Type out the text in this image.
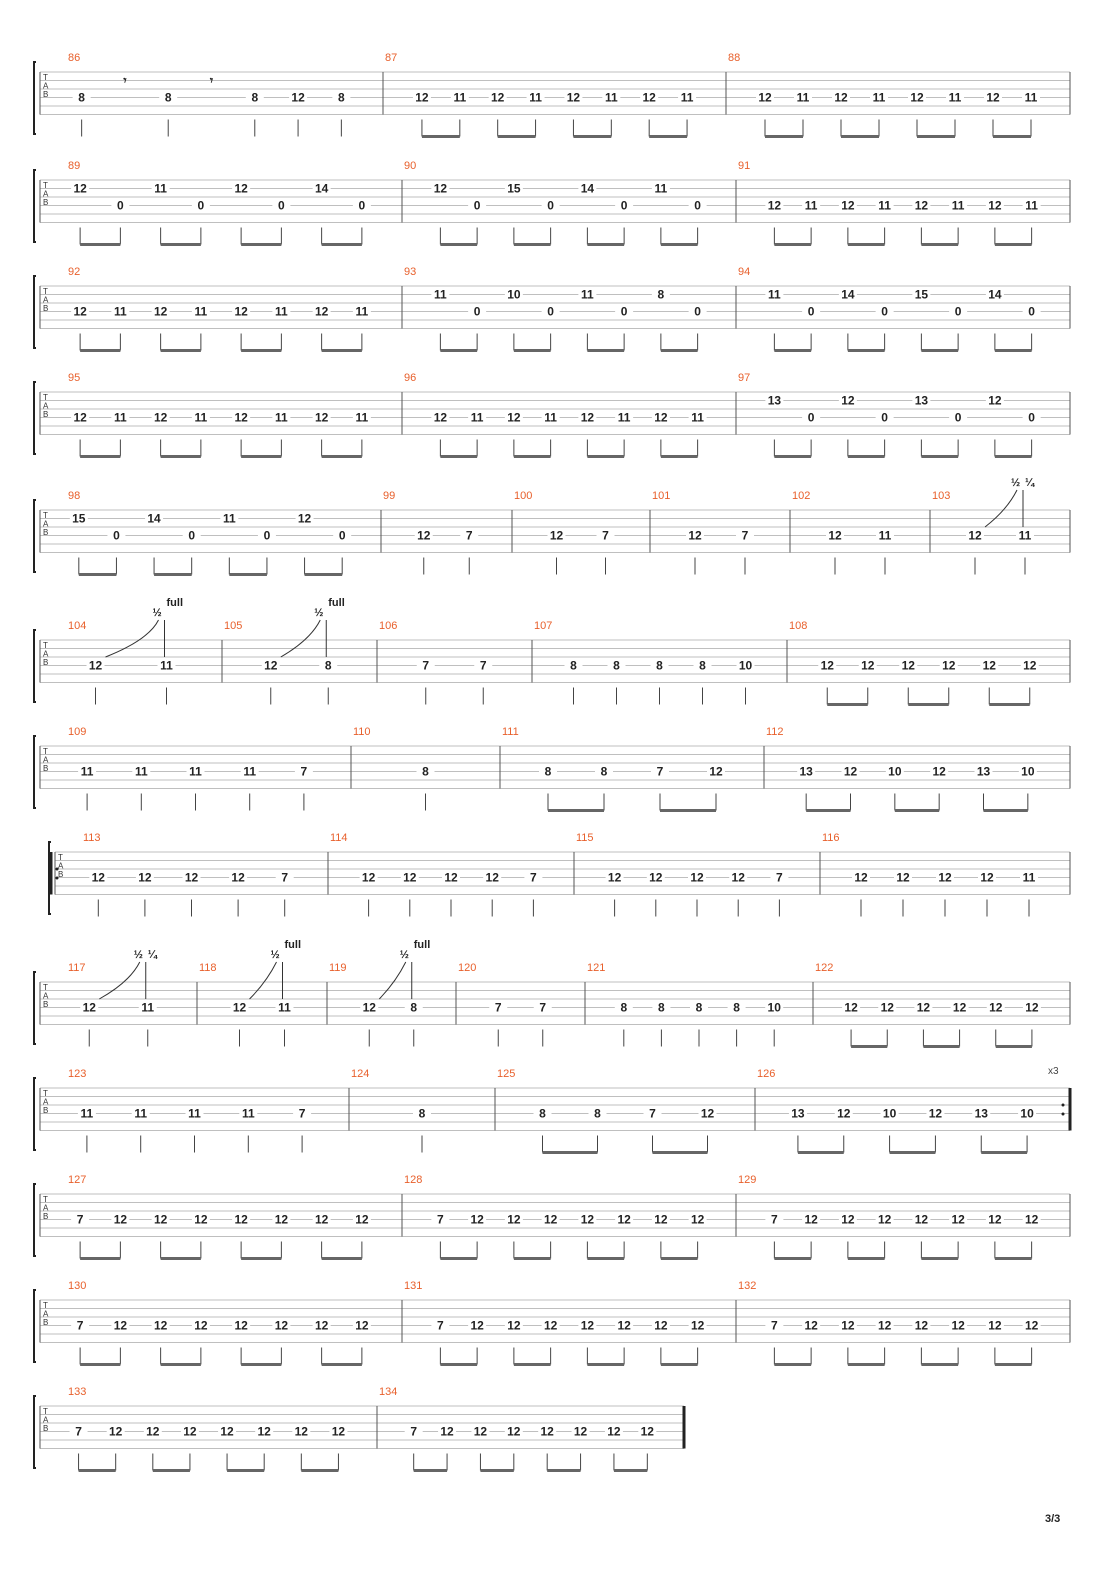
3/3
T
A
B
86
8
𝄾
8
𝄾
8	12	8
87
12 11 12 11 12 11 12 11
88
12 11 12 11 12 11 12 11
T
A
B
89
12
0
11
0
12
0
14
0
90
12
0
15
0
14
0
11
0
91
12 11 12 11 12 11 12 11
T
A
B
92
12 11 12 11 12 11 12 11
93
11
0
10
0
11
0
8
0
94
11
0
14
0
15
0
14
0
T
A
B
95
12 11 12 11 12 11 12 11
96
12 11 12 11 12 11 12 11
97
13
0
12
0
13
0
12
0
T
A
B
98
15
0
14
0
11
0
12
0
99
12	7
100
12	7
101
12	7
102
12	11
103
12	11
½ ¼
T
A
B
104
12	11
½
full
105
12	8
½
full
106
7	7
107
8	8	8	8	10
108
12 12 12 12 12 12
T
A
B
109
11	11	11	11	7
110
8
111
8	8	7	12
112
13	12	10	12	13	10
T
A
B
113
12	12	12	12	7
114
12 12 12 12	7
115
12 12 12 12	7
116
12 12 12 12 11
T
A
B
117
12	11
½ ¼
118
12	11
½
full
119
12	8
½
full
120
7	7
121
8	8	8	8 10
122
12 12 12 12 12 12
T
A
B
x3
123
11	11	11	11	7
124
8
125
8	8	7	12
126
13	12	10	12	13	10
T
A
B
127
7	12 12 12 12 12 12 12
128
7 12 12 12 12 12 12 12
129
7 12 12 12 12 12 12 12
T
A
B
130
7	12 12 12 12 12 12 12
131
7 12 12 12 12 12 12 12
132
7 12 12 12 12 12 12 12
T
A
B
133
7 12 12 12 12 12 12 12
134
7 12 12 12 12 12 12 12
